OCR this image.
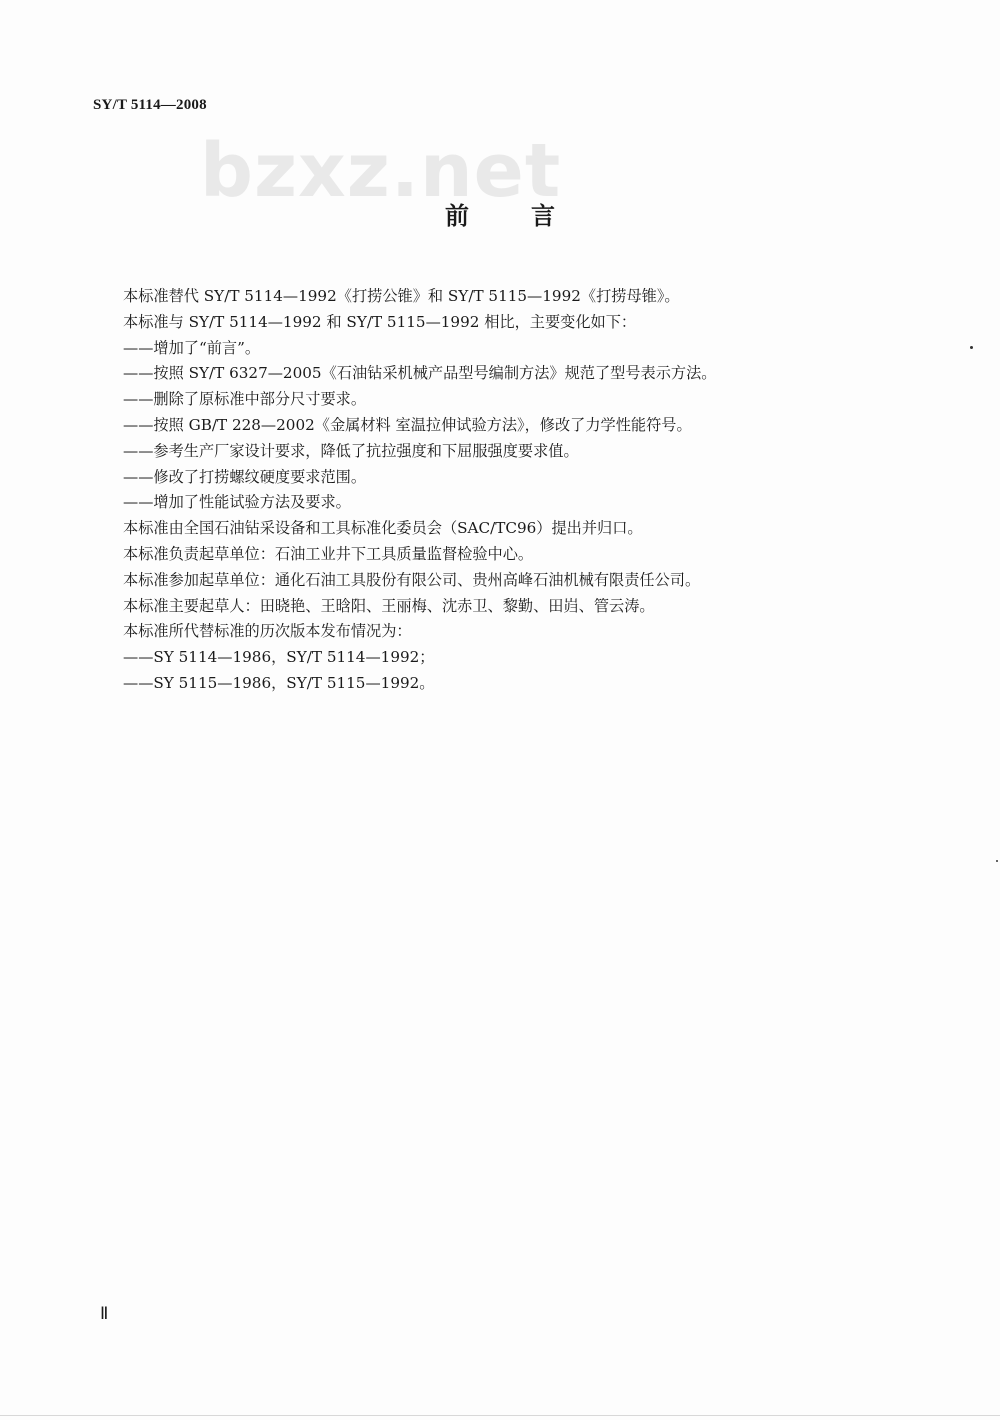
SY/T 5114—2008
bzxz.net
前言
本标准替代 SY/T 5114—1992《打捞公锥》和 SY/T 5115—1992《打捞母锥》。
本标准与 SY/T 5114—1992 和 SY/T 5115—1992 相比，主要变化如下：
——增加了“前言”。
——按照 SY/T 6327—2005《石油钻采机械产品型号编制方法》规范了型号表示方法。
——删除了原标准中部分尺寸要求。
——按照 GB/T 228—2002《金属材料 室温拉伸试验方法》，修改了力学性能符号。
——参考生产厂家设计要求，降低了抗拉强度和下屈服强度要求值。
——修改了打捞螺纹硬度要求范围。
——增加了性能试验方法及要求。
本标准由全国石油钻采设备和工具标准化委员会（SAC/TC96）提出并归口。
本标准负责起草单位：石油工业井下工具质量监督检验中心。
本标准参加起草单位：通化石油工具股份有限公司、贵州高峰石油机械有限责任公司。
本标准主要起草人：田晓艳、王晗阳、王丽梅、沈赤卫、黎勤、田岿、管云涛。
本标准所代替标准的历次版本发布情况为：
——SY 5114—1986，SY/T 5114—1992；
——SY 5115—1986，SY/T 5115—1992。
Ⅱ
